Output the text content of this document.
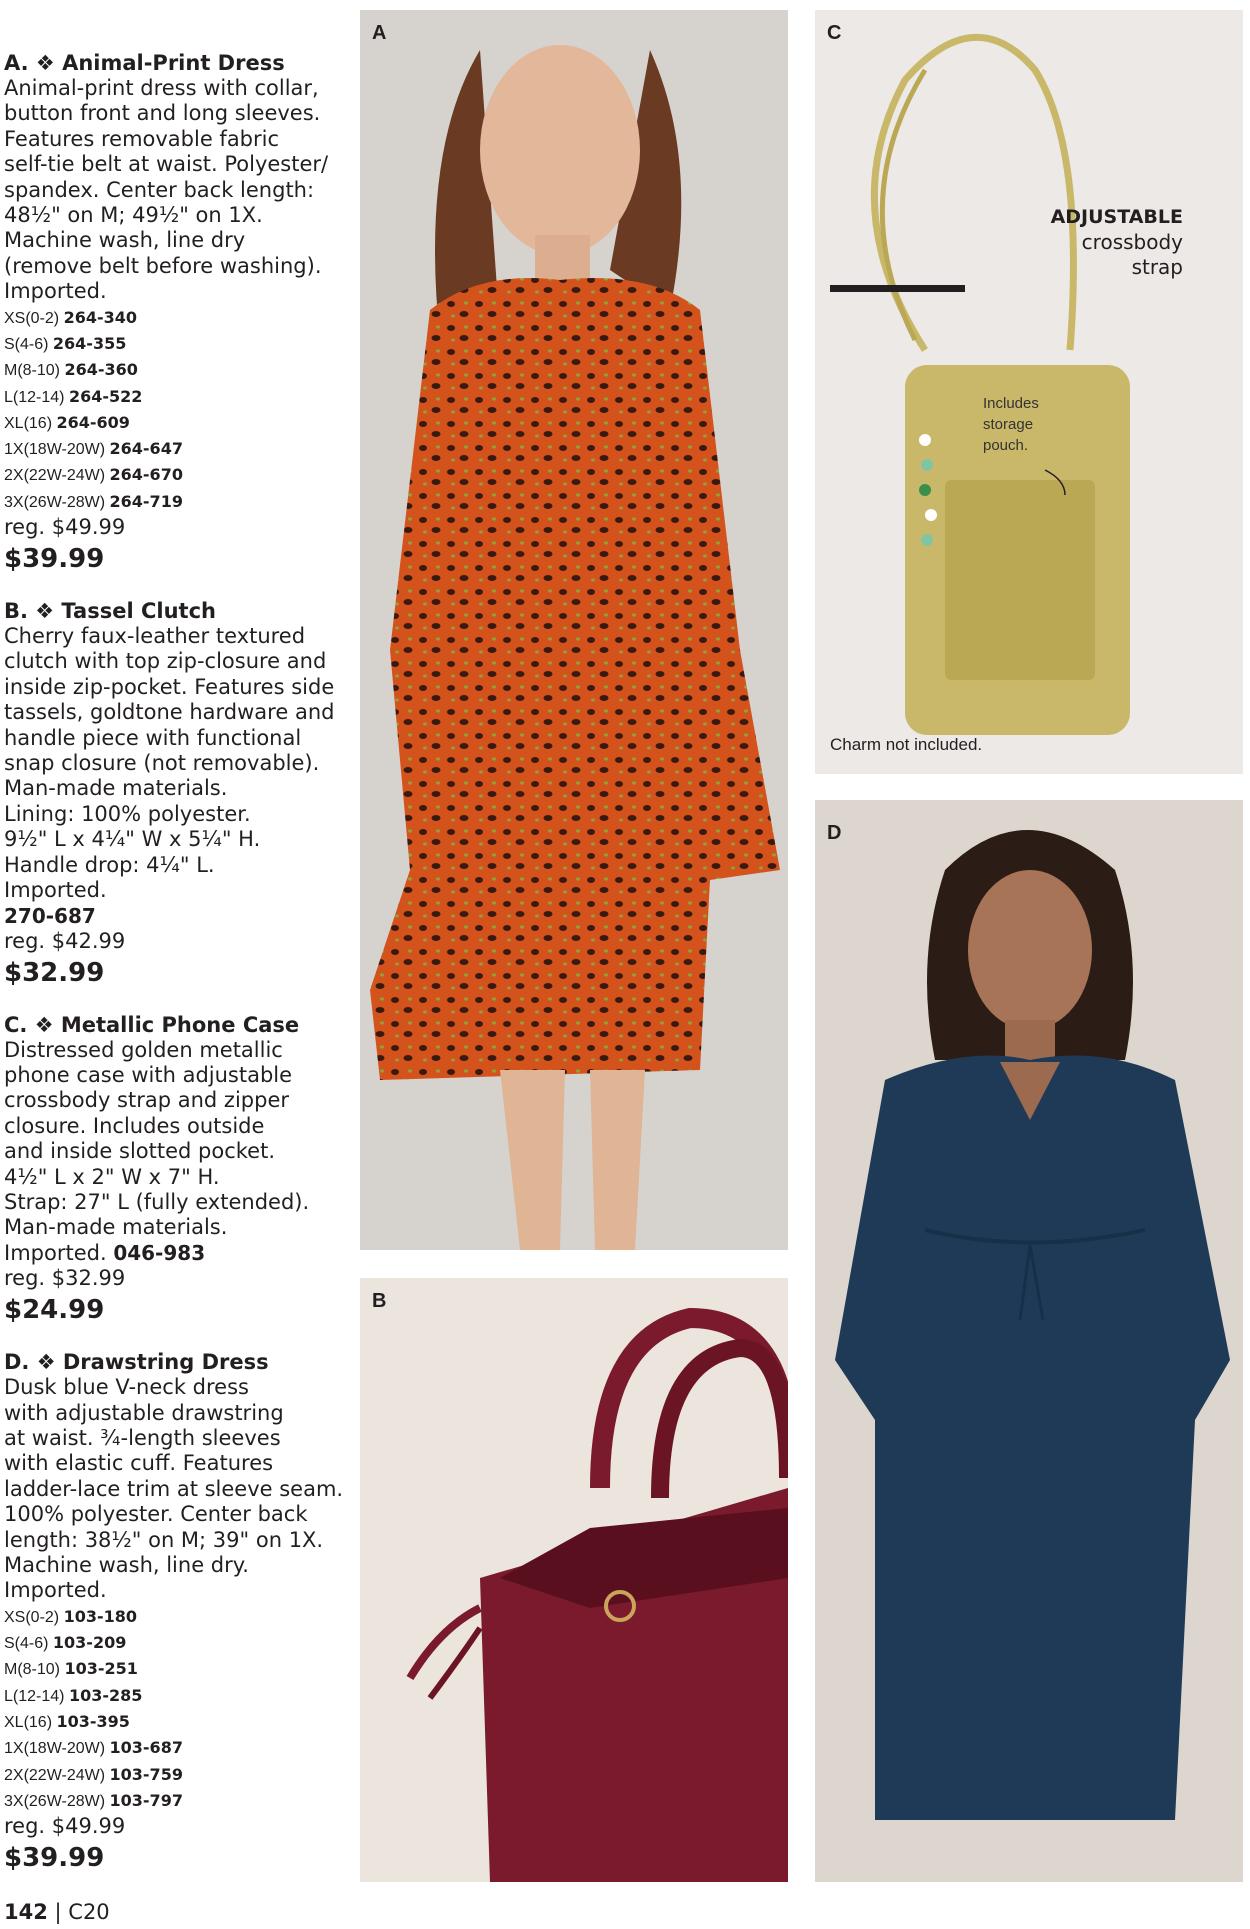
A. ❖ Animal-Print Dress

Animal-print dress with collar,
button front and long sleeves.
Features removable fabric
self-tie belt at waist. Polyester/
spandex. Center back length:
48½" on M; 49½" on 1X.
Machine wash, line dry
(remove belt before washing).
Imported.

XS(0-2) 264-340
S(4-6) 264-355
M(8-10) 264-360
L(12-14) 264-522
XL(16) 264-609
1X(18W-20W) 264-647
2X(22W-24W) 264-670
3X(26W-28W) 264-719
reg. $49.99
$39.99

B. ❖ Tassel Clutch

Cherry faux-leather textured
clutch with top zip-closure and
inside zip-pocket. Features side
tassels, goldtone hardware and
handle piece with functional
snap closure (not removable).
Man-made materials.
Lining: 100% polyester.
9½" L x 4¼" W x 5¼" H.
Handle drop: 4¼" L.
Imported.

270-687
reg. $42.99
$32.99

C. ❖ Metallic Phone Case

Distressed golden metallic
phone case with adjustable
crossbody strap and zipper
closure. Includes outside
and inside slotted pocket.
4½" L x 2" W x 7" H.
Strap: 27" L (fully extended).
Man-made materials.

Imported. 046-983
reg. $32.99
$24.99

D. ❖ Drawstring Dress

Dusk blue V-neck dress
with adjustable drawstring
at waist. ¾-length sleeves
with elastic cuff. Features
ladder-lace trim at sleeve seam.
100% polyester. Center back
length: 38½" on M; 39" on 1X.
Machine wash, line dry.
Imported.

XS(0-2) 103-180
S(4-6) 103-209
M(8-10) 103-251
L(12-14) 103-285
XL(16) 103-395
1X(18W-20W) 103-687
2X(22W-24W) 103-759
3X(26W-28W) 103-797
reg. $49.99
$39.99
142 | C20
A
B
C
ADJUSTABLE
crossbody
strap
Includes
storage
pouch.
Charm not included.
D
